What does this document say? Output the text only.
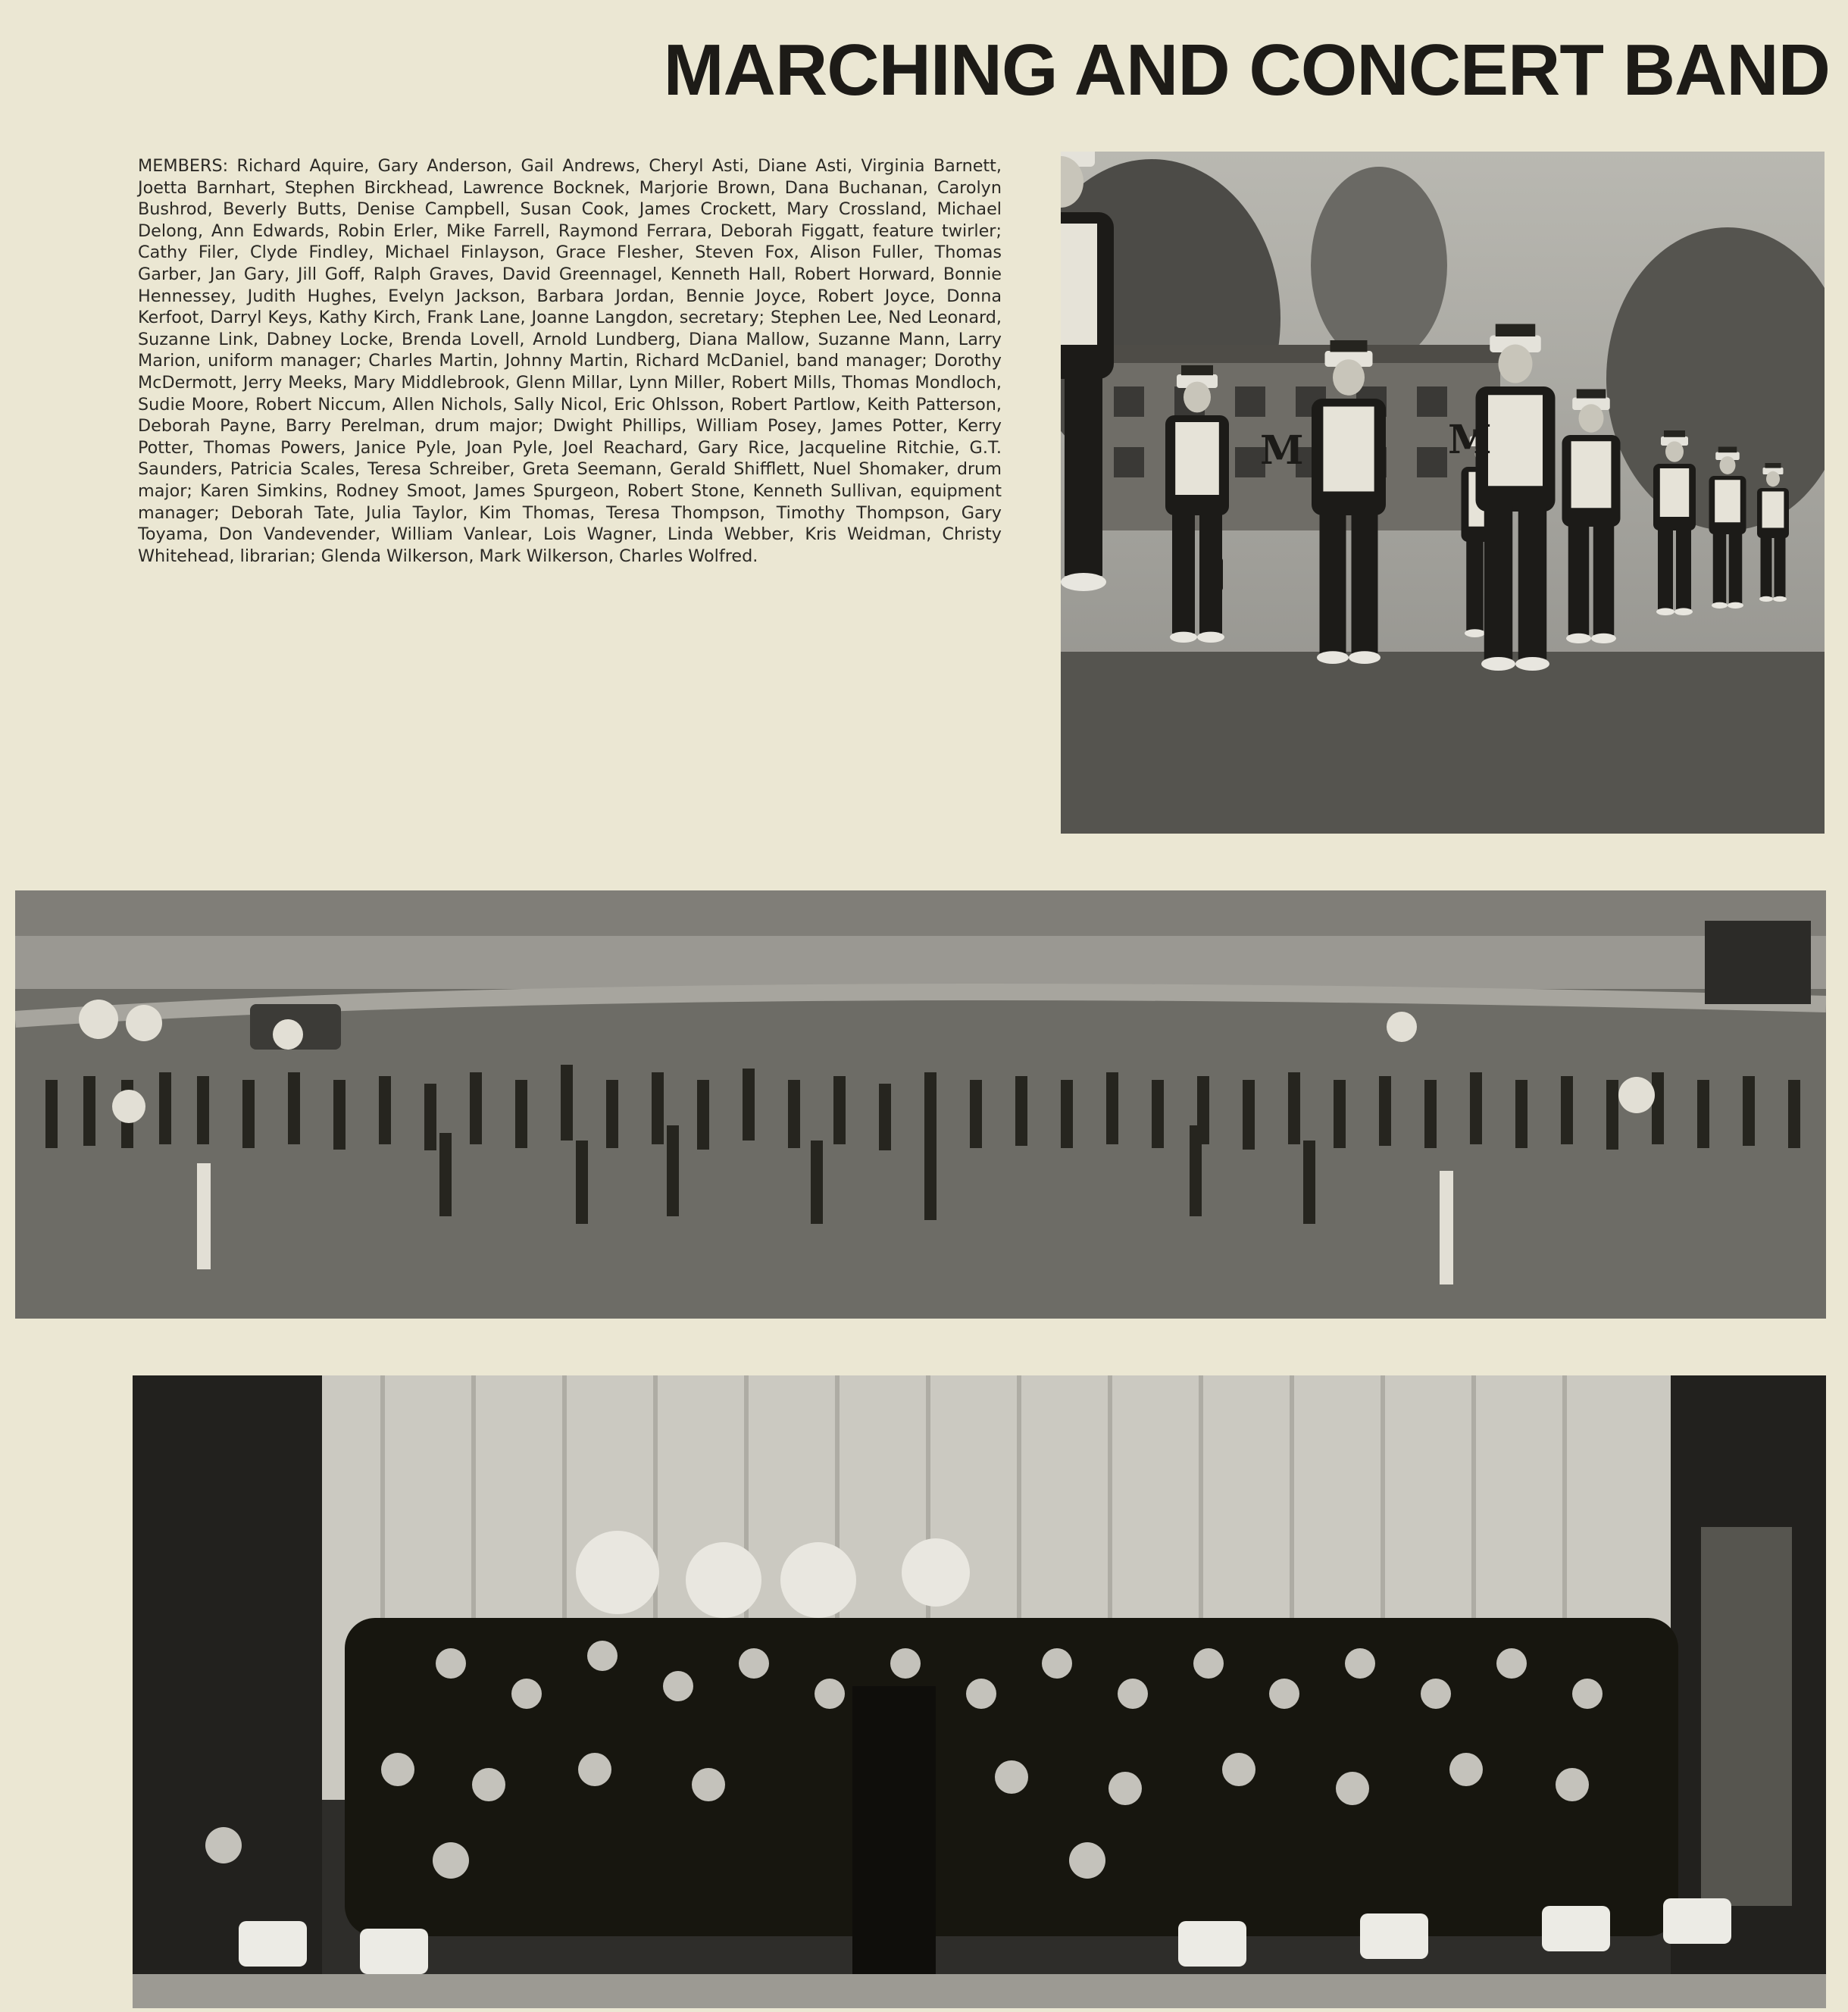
MARCHING AND CONCERT BAND
MEMBERS: Richard Aquire, Gary Anderson, Gail Andrews, Cheryl Asti, Diane Asti, Virginia Barnett, Joetta Barnhart, Stephen Birckhead, Lawrence Bocknek, Marjorie Brown, Dana Buchanan, Carolyn Bushrod, Beverly Butts, Denise Campbell, Susan Cook, James Crockett, Mary Crossland, Michael Delong, Ann Edwards, Robin Erler, Mike Farrell, Raymond Ferrara, Deborah Figgatt, feature twirler; Cathy Filer, Clyde Findley, Michael Finlayson, Grace Flesher, Steven Fox, Alison Fuller, Thomas Garber, Jan Gary, Jill Goff, Ralph Graves, David Greennagel, Kenneth Hall, Robert Horward, Bonnie Hennessey, Judith Hughes, Evelyn Jackson, Barbara Jordan, Bennie Joyce, Robert Joyce, Donna Kerfoot, Darryl Keys, Kathy Kirch, Frank Lane, Joanne Langdon, secretary; Stephen Lee, Ned Leonard, Suzanne Link, Dabney Locke, Brenda Lovell, Arnold Lundberg, Diana Mallow, Suzanne Mann, Larry Marion, uniform manager; Charles Martin, Johnny Martin, Richard McDaniel, band manager; Dorothy McDermott, Jerry Meeks, Mary Middlebrook, Glenn Millar, Lynn Miller, Robert Mills, Thomas Mondloch, Sudie Moore, Robert Niccum, Allen Nichols, Sally Nicol, Eric Ohlsson, Robert Partlow, Keith Patterson, Deborah Payne, Barry Perelman, drum major; Dwight Phillips, William Posey, James Potter, Kerry Potter, Thomas Powers, Janice Pyle, Joan Pyle, Joel Reachard, Gary Rice, Jacqueline Ritchie, G.T. Saunders, Patricia Scales, Teresa Schreiber, Greta Seemann, Gerald Shifflett, Nuel Shomaker, drum major; Karen Simkins, Rodney Smoot, James Spurgeon, Robert Stone, Kenneth Sullivan, equipment manager; Deborah Tate, Julia Taylor, Kim Thomas, Teresa Thompson, Timothy Thompson, Gary Toyama, Don Vandevender, William Vanlear, Lois Wagner, Linda Webber, Kris Weidman, Christy Whitehead, librarian; Glenda Wilkerson, Mark Wilkerson, Charles Wolfred.
M	M
